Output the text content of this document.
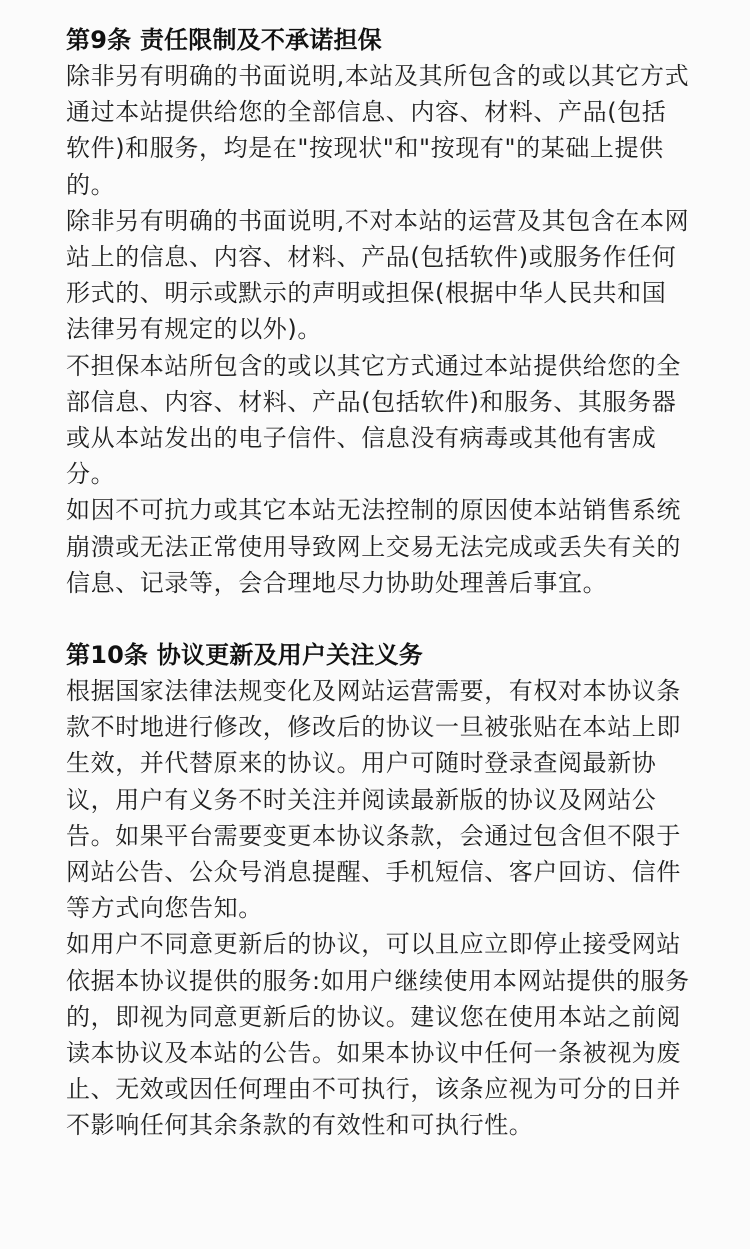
第9条 责任限制及不承诺担保

除非另有明确的书面说明,本站及其所包含的或以其它方式通过本站提供给您的全部信息、内容、材料、产品(包括软件)和服务，均是在"按现状"和"按现有"的某础上提供的。

除非另有明确的书面说明,不对本站的运营及其包含在本网站上的信息、内容、材料、产品(包括软件)或服务作任何形式的、明示或默示的声明或担保(根据中华人民共和国法律另有规定的以外)。

不担保本站所包含的或以其它方式通过本站提供给您的全部信息、内容、材料、产品(包括软件)和服务、其服务器或从本站发出的电子信件、信息没有病毒或其他有害成分。

如因不可抗力或其它本站无法控制的原因使本站销售系统崩溃或无法正常使用导致网上交易无法完成或丢失有关的信息、记录等，会合理地尽力协助处理善后事宜。

第10条 协议更新及用户关注义务

根据国家法律法规变化及网站运营需要，有权对本协议条款不时地进行修改，修改后的协议一旦被张贴在本站上即生效，并代替原来的协议。用户可随时登录查阅最新协议，用户有义务不时关注并阅读最新版的协议及网站公告。如果平台需要变更本协议条款，会通过包含但不限于网站公告、公众号消息提醒、手机短信、客户回访、信件等方式向您告知。

如用户不同意更新后的协议，可以且应立即停止接受网站依据本协议提供的服务:如用户继续使用本网站提供的服务的，即视为同意更新后的协议。建议您在使用本站之前阅读本协议及本站的公告。如果本协议中任何一条被视为废止、无效或因任何理由不可执行，该条应视为可分的日并不影响任何其余条款的有效性和可执行性。
